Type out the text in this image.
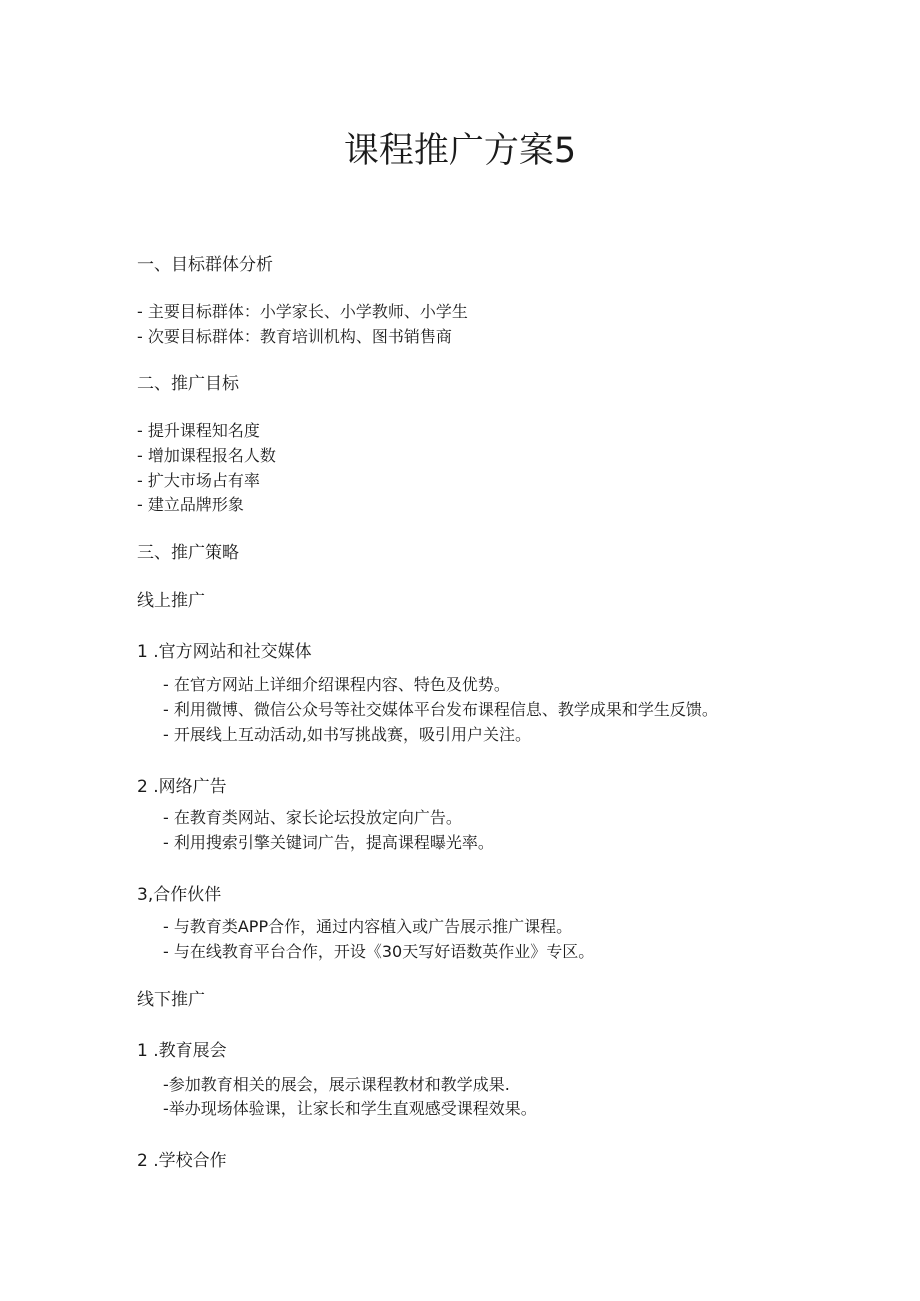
课程推广方案5
一、目标群体分析
- 主要目标群体：小学家长、小学教师、小学生
- 次要目标群体：教育培训机构、图书销售商
二、推广目标
- 提升课程知名度
- 增加课程报名人数
- 扩大市场占有率
- 建立品牌形象
三、推广策略
线上推广
1 .官方网站和社交媒体
- 在官方网站上详细介绍课程内容、特色及优势。
- 利用微博、微信公众号等社交媒体平台发布课程信息、教学成果和学生反馈。
- 开展线上互动活动,如书写挑战赛，吸引用户关注。
2 .网络广告
- 在教育类网站、家长论坛投放定向广告。
- 利用搜索引擎关键词广告，提高课程曝光率。
3,合作伙伴
- 与教育类APP合作，通过内容植入或广告展示推广课程。
- 与在线教育平台合作，开设《30天写好语数英作业》专区。
线下推广
1 .教育展会
-参加教育相关的展会，展示课程教材和教学成果.
-举办现场体验课，让家长和学生直观感受课程效果。
2 .学校合作
